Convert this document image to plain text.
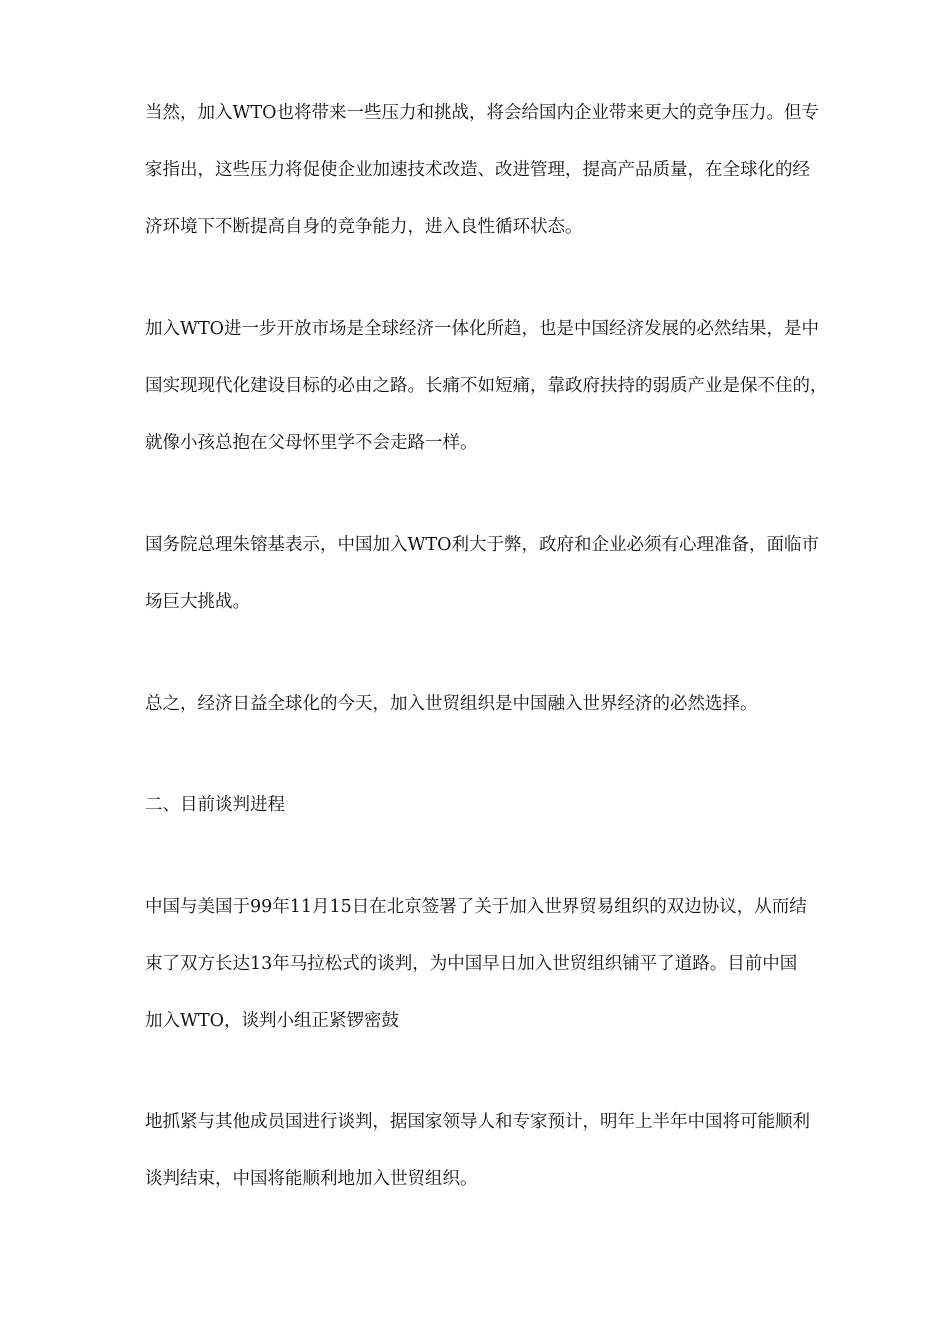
当然，加入WTO也将带来一些压力和挑战，将会给国内企业带来更大的竞争压力。但专
家指出，这些压力将促使企业加速技术改造、改进管理，提高产品质量，在全球化的经
济环境下不断提高自身的竞争能力，进入良性循环状态。

加入WTO进一步开放市场是全球经济一体化所趋，也是中国经济发展的必然结果，是中
国实现现代化建设目标的必由之路。长痛不如短痛，靠政府扶持的弱质产业是保不住的，
就像小孩总抱在父母怀里学不会走路一样。

国务院总理朱镕基表示，中国加入WTO利大于弊，政府和企业必须有心理准备，面临市
场巨大挑战。

总之，经济日益全球化的今天，加入世贸组织是中国融入世界经济的必然选择。

二、目前谈判进程

中国与美国于99年11月15日在北京签署了关于加入世界贸易组织的双边协议，从而结
束了双方长达13年马拉松式的谈判，为中国早日加入世贸组织铺平了道路。目前中国
加入WTO，谈判小组正紧锣密鼓

地抓紧与其他成员国进行谈判，据国家领导人和专家预计，明年上半年中国将可能顺利
谈判结束，中国将能顺利地加入世贸组织。
